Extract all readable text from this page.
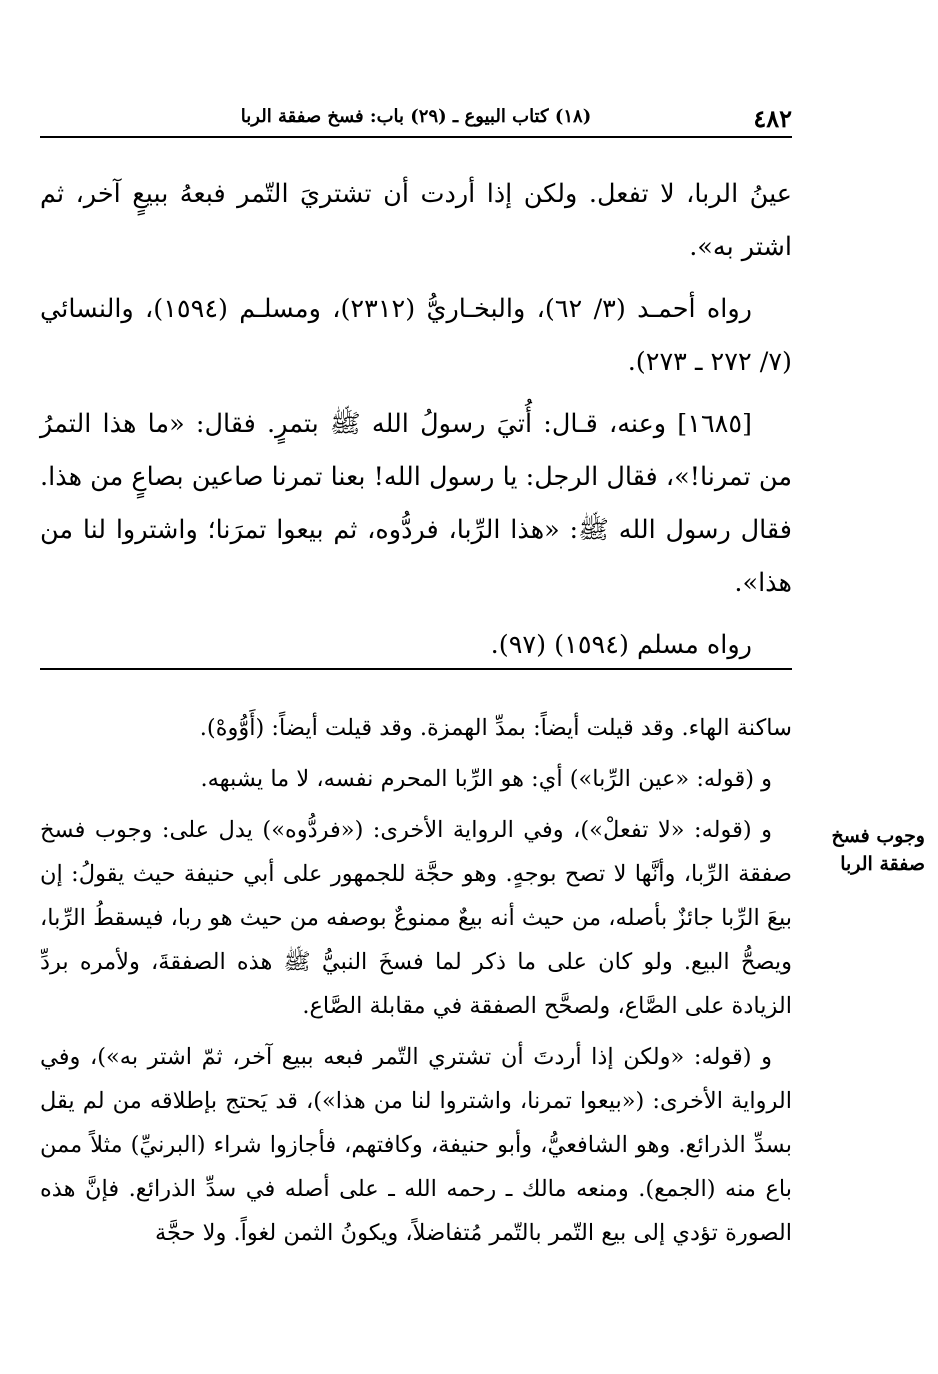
٤٨٢
(١٨) كتاب البيوع ـ (٢٩) باب: فسخ صفقة الربا

عينُ الربا، لا تفعل. ولكن إذا أردت أن تشتريَ التّمر فبعهُ ببيعٍ آخر، ثم اشتر به».

رواه أحمـد (٣/ ٦٢)، والبخـاريُّ (٢٣١٢)، ومسلـم (١٥٩٤)، والنسائي (٧/ ٢٧٢ ـ ٢٧٣).

[١٦٨٥] وعنه، قـال: أُتيَ رسولُ الله ﷺ بتمرٍ. فقال: «ما هذا التمرُ من تمرنا!»، فقال الرجل: يا رسول الله! بعنا تمرنا صاعين بصاعٍ من هذا. فقال رسول الله ﷺ: «هذا الرِّبا، فردُّوه، ثم بيعوا تمرَنا؛ واشتروا لنا من هذا».

رواه مسلم (١٥٩٤) (٩٧).

ساكنة الهاء. وقد قيلت أيضاً: بمدِّ الهمزة. وقد قيلت أيضاً: (أَوُّوهْ).

و (قوله: «عين الرِّبا») أي: هو الرِّبا المحرم نفسه، لا ما يشبهه.

و (قوله: «لا تفعلْ»)، وفي الرواية الأخرى: («فردُّوه») يدل على: وجوب فسخ صفقة الرِّبا، وأنَّها لا تصح بوجهٍ. وهو حجَّة للجمهور على أبي حنيفة حيث يقولُ: إن بيعَ الرِّبا جائزٌ بأصله، من حيث أنه بيعٌ ممنوعٌ بوصفه من حيث هو ربا، فيسقطُ الرِّبا، ويصحُّ البيع. ولو كان على ما ذكر لما فسخَ النبيُّ ﷺ هذه الصفقةَ، ولأمره بردِّ الزيادة على الصَّاع، ولصحَّح الصفقة في مقابلة الصَّاع.

و (قوله: «ولكن إذا أردتَ أن تشتري التّمر فبعه ببيع آخر، ثمّ اشتر به»)، وفي الرواية الأخرى: («بيعوا تمرنا، واشتروا لنا من هذا»)، قد يَحتج بإطلاقه من لم يقل بسدِّ الذرائع. وهو الشافعيُّ، وأبو حنيفة، وكافتهم، فأجازوا شراء (البرنيِّ) مثلاً ممن باع منه (الجمع). ومنعه مالك ـ رحمه الله ـ على أصله في سدِّ الذرائع. فإنَّ هذه الصورة تؤدي إلى بيع التّمر بالتّمر مُتفاضلاً، ويكونُ الثمن لغواً. ولا حجَّة

وجوب فسخ
صفقة الربا
